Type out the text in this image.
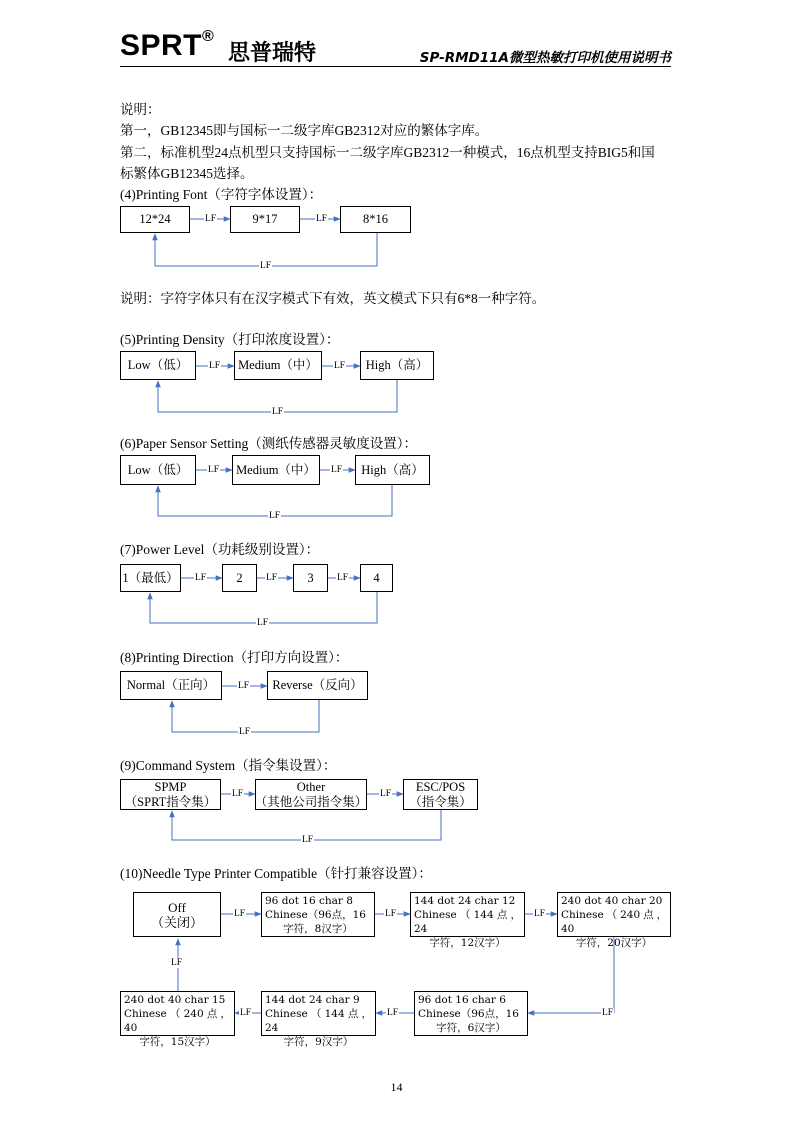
SPRT®
思普瑞特	SP-RMD11A微型热敏打印机使用说明书
说明：
第一，GB12345即与国标一二级字库GB2312对应的繁体字库。
第二，标准机型24点机型只支持国标一二级字库GB2312一种模式，16点机型支持BIG5和国
标繁体GB12345选择。
(4)Printing Font（字符字体设置）：
12*24	9*17	8*16
LF	LF
LF
说明：字符字体只有在汉字模式下有效，英文模式下只有6*8一种字符。
(5)Printing Density（打印浓度设置）：
Low（低）	Medium（中）	High（高）
LF	LF
LF
(6)Paper Sensor Setting（测纸传感器灵敏度设置）：
Low（低）	Medium（中）	High（高）
LF	LF
LF
(7)Power Level（功耗级别设置）：
1（最低）	2	3	4
LF	LF	LF
LF
(8)Printing Direction（打印方向设置）：
Normal（正向）	Reverse（反向）
LF
LF
(9)Command System（指令集设置）：
SPMP
（SPRT指令集）
Other
（其他公司指令集）
ESC/POS
（指令集）
LF	LF
LF
(10)Needle Type Printer Compatible（针打兼容设置）：
Off
（关闭）
96 dot 16 char 8
Chinese（96点，16
字符，8汉字）
144 dot 24 char 12
Chinese（144点，24
字符，12汉字）
240 dot 40 char 20
Chinese（240点，40
字符，20汉字）
96 dot 16 char 6
Chinese（96点，16
字符，6汉字）
144 dot 24 char 9
Chinese（144点，24
字符，9汉字）
240 dot 40 char 15
Chinese（240点，40
字符，15汉字）
LF	LF	LF
LF
LF
LF
LF
14
